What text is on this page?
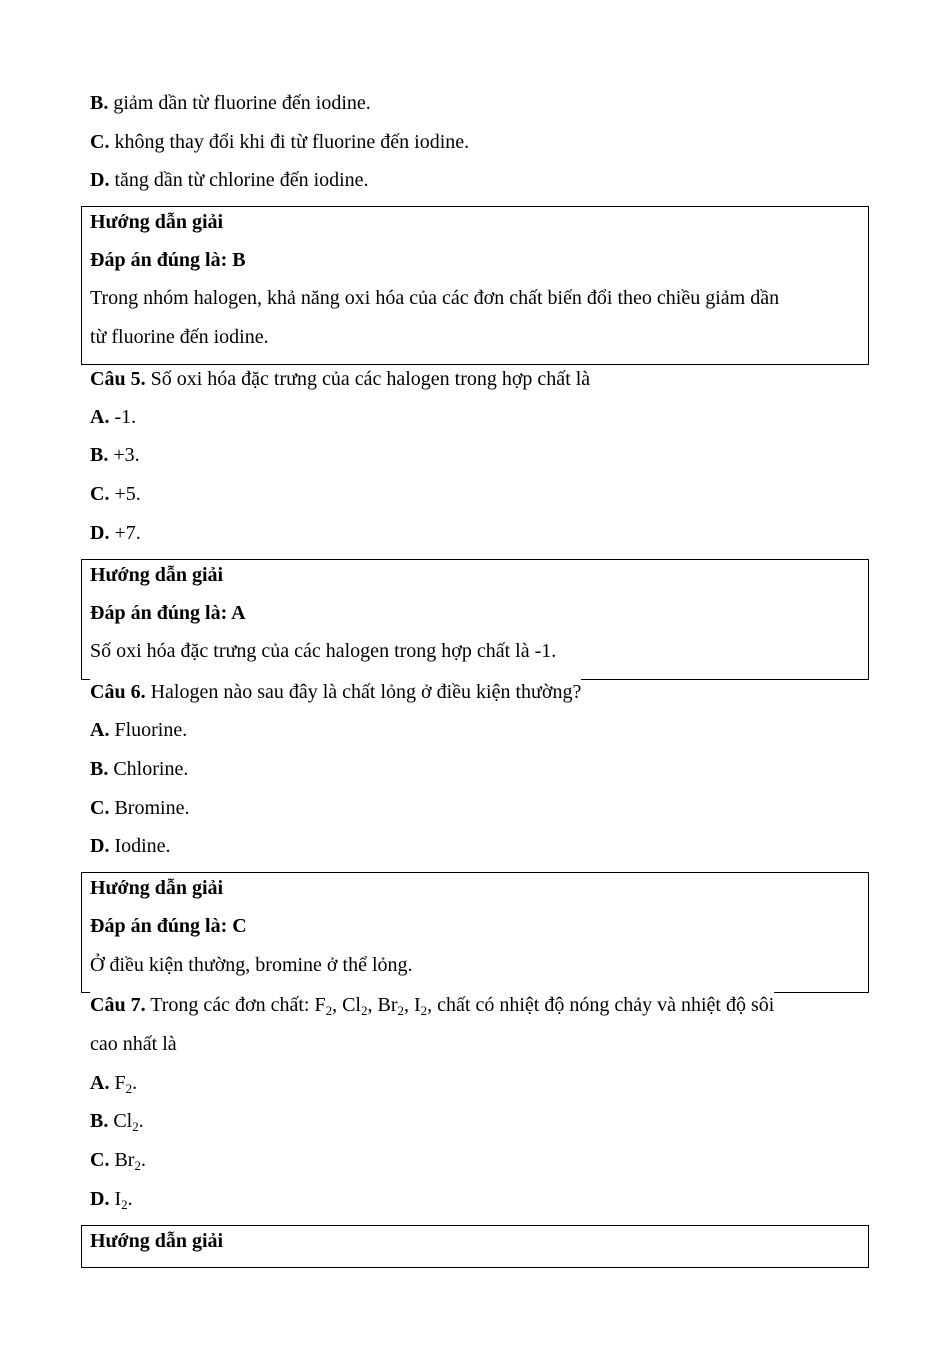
B. giảm dần từ fluorine đến iodine.
C. không thay đổi khi đi từ fluorine đến iodine.
D. tăng dần từ chlorine đến iodine.
Hướng dẫn giải
Đáp án đúng là: B
Trong nhóm halogen, khả năng oxi hóa của các đơn chất biến đổi theo chiều giảm dần
từ fluorine đến iodine.
Câu 5. Số oxi hóa đặc trưng của các halogen trong hợp chất là
A. -1.
B. +3.
C. +5.
D. +7.
Hướng dẫn giải
Đáp án đúng là: A
Số oxi hóa đặc trưng của các halogen trong hợp chất là -1.
Câu 6. Halogen nào sau đây là chất lỏng ở điều kiện thường?
A. Fluorine.
B. Chlorine.
C. Bromine.
D. Iodine.
Hướng dẫn giải
Đáp án đúng là: C
Ở điều kiện thường, bromine ở thể lỏng.
Câu 7. Trong các đơn chất: $F_2$, $Cl_2$, $Br_2$, $I_2$, chất có nhiệt độ nóng chảy và nhiệt độ sôi
cao nhất là
A. $F_2$.
B. $Cl_2$.
C. $Br_2$.
D. $I_2$.
Hướng dẫn giải
